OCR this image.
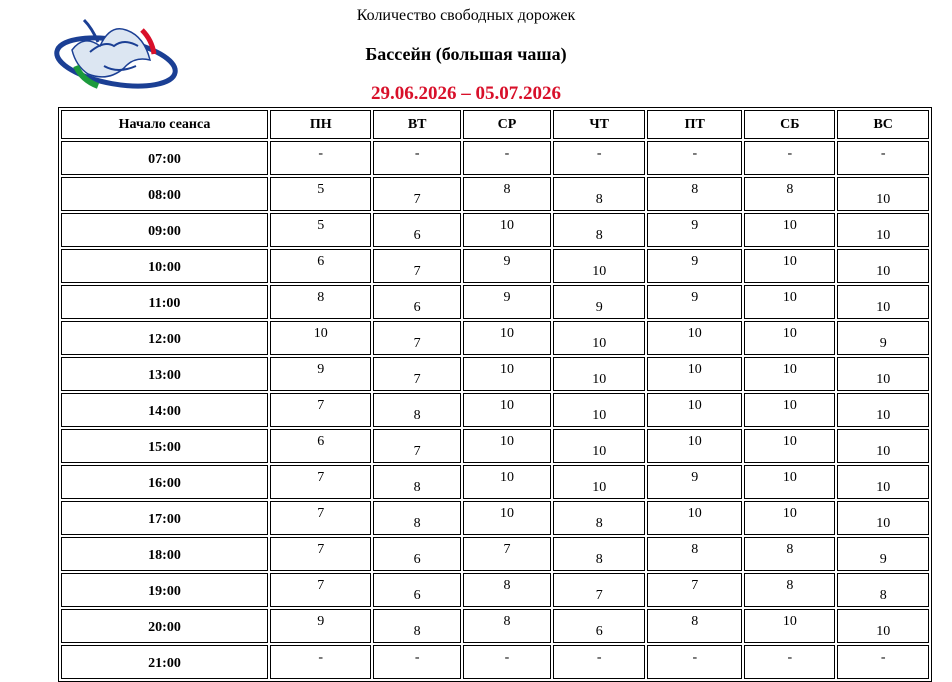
Количество свободных дорожек
Бассейн (большая чаша)
29.06.2026 – 05.07.2026
Начало сеанса	ПН	ВТ	СР	ЧТ	ПТ	СБ	ВС
07:00	-	-	-	-	-	-	-
08:00	5	7	8	8	8	8	10
09:00	5	6	10	8	9	10	10
10:00	6	7	9	10	9	10	10
11:00	8	6	9	9	9	10	10
12:00	10	7	10	10	10	10	9
13:00	9	7	10	10	10	10	10
14:00	7	8	10	10	10	10	10
15:00	6	7	10	10	10	10	10
16:00	7	8	10	10	9	10	10
17:00	7	8	10	8	10	10	10
18:00	7	6	7	8	8	8	9
19:00	7	6	8	7	7	8	8
20:00	9	8	8	6	8	10	10
21:00	-	-	-	-	-	-	-
